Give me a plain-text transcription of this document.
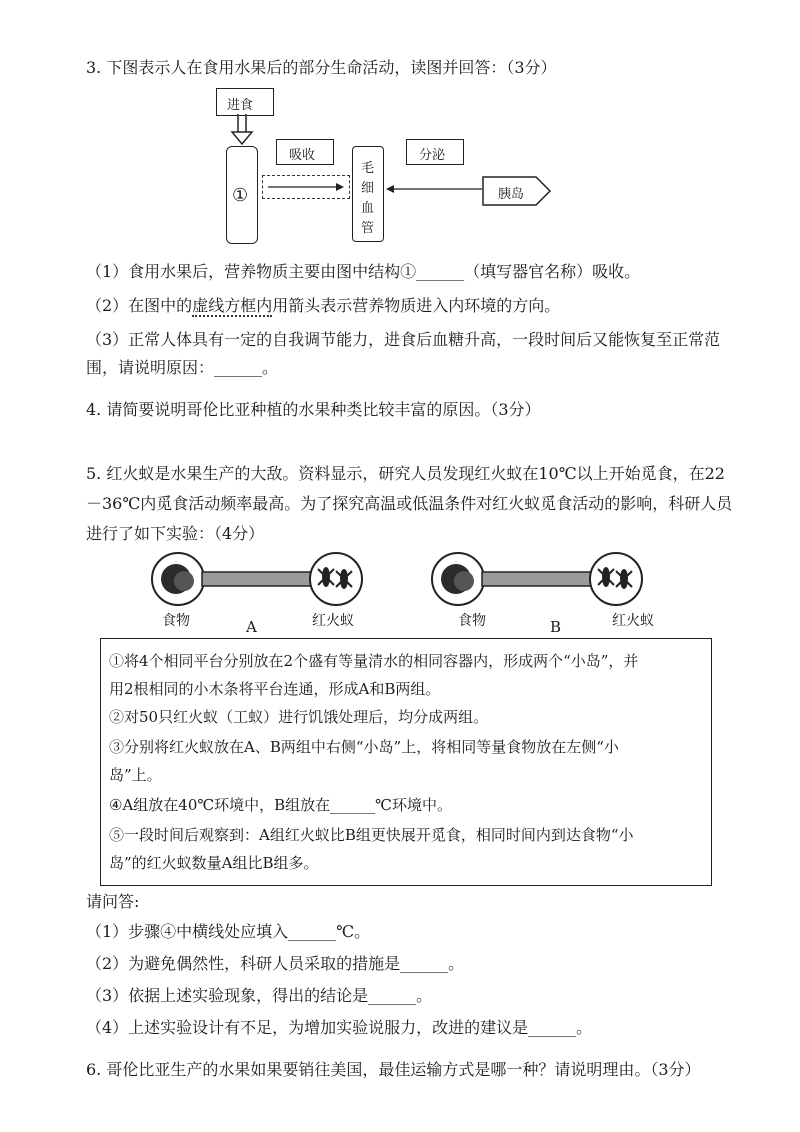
3. 下图表示人在食用水果后的部分生命活动，读图并回答：（3分）
进食
①
吸收
毛
细
血
管
分泌
胰岛
（1）食用水果后，营养物质主要由图中结构①______（填写器官名称）吸收。
（2）在图中的虚线方框内用箭头表示营养物质进入内环境的方向。
（3）正常人体具有一定的自我调节能力，进食后血糖升高，一段时间后又能恢复至正常范
围，请说明原因：______。
4. 请简要说明哥伦比亚种植的水果种类比较丰富的原因。（3分）
5. 红火蚁是水果生产的大敌。资料显示，研究人员发现红火蚁在10℃以上开始觅食，在22
－36℃内觅食活动频率最高。为了探究高温或低温条件对红火蚁觅食活动的影响，科研人员
进行了如下实验：（4分）
食物	A	红火蚁	食物	B	红火蚁
①将4个相同平台分别放在2个盛有等量清水的相同容器内，形成两个“小岛”，并
用2根相同的小木条将平台连通，形成A和B两组。
②对50只红火蚁（工蚁）进行饥饿处理后，均分成两组。
③分别将红火蚁放在A、B两组中右侧“小岛”上，将相同等量食物放在左侧“小
岛”上。
④A组放在40℃环境中，B组放在______℃环境中。
⑤一段时间后观察到：A组红火蚁比B组更快展开觅食，相同时间内到达食物“小
岛”的红火蚁数量A组比B组多。
请问答:
（1）步骤④中横线处应填入______℃。
（2）为避免偶然性，科研人员采取的措施是______。
（3）依据上述实验现象，得出的结论是______。
（4）上述实验设计有不足，为增加实验说服力，改进的建议是______。
6. 哥伦比亚生产的水果如果要销往美国，最佳运输方式是哪一种？请说明理由。（3分）
